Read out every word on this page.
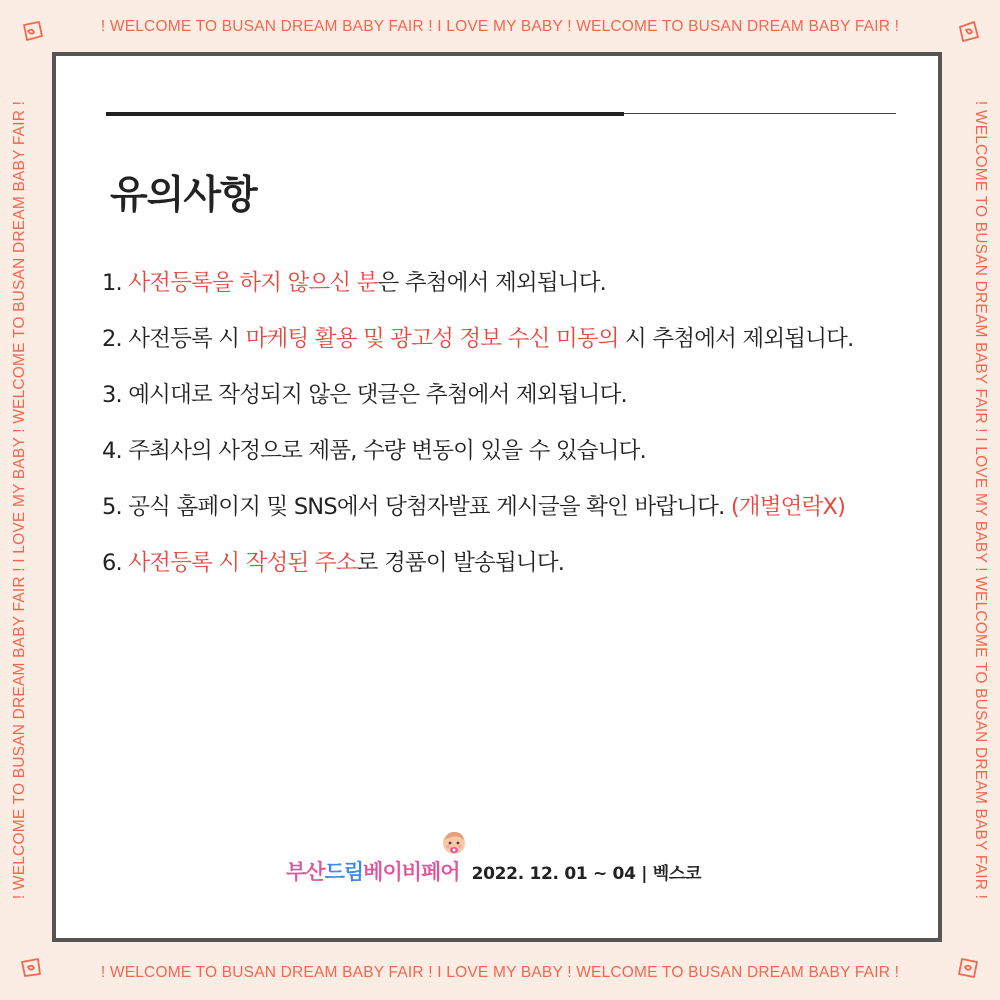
! WELCOME TO BUSAN DREAM BABY FAIR ! I LOVE MY BABY ! WELCOME TO BUSAN DREAM BABY FAIR !
! WELCOME TO BUSAN DREAM BABY FAIR ! I LOVE MY BABY ! WELCOME TO BUSAN DREAM BABY FAIR !
! WELCOME TO BUSAN DREAM BABY FAIR ! I LOVE MY BABY ! WELCOME TO BUSAN DREAM BABY FAIR !	! WELCOME TO BUSAN DREAM BABY FAIR ! I LOVE MY BABY ! WELCOME TO BUSAN DREAM BABY FAIR !
유의사항
1. 사전등록을 하지 않으신 분은 추첨에서 제외됩니다.
2. 사전등록 시 마케팅 활용 및 광고성 정보 수신 미동의 시 추첨에서 제외됩니다.
3. 예시대로 작성되지 않은 댓글은 추첨에서 제외됩니다.
4. 주최사의 사정으로 제품, 수량 변동이 있을 수 있습니다.
5. 공식 홈페이지 및 SNS에서 당첨자발표 게시글을 확인 바랍니다. (개별연락X)
6. 사전등록 시 작성된 주소로 경품이 발송됩니다.
부산드림베이비페어 2022. 12. 01 ~ 04 | 벡스코
